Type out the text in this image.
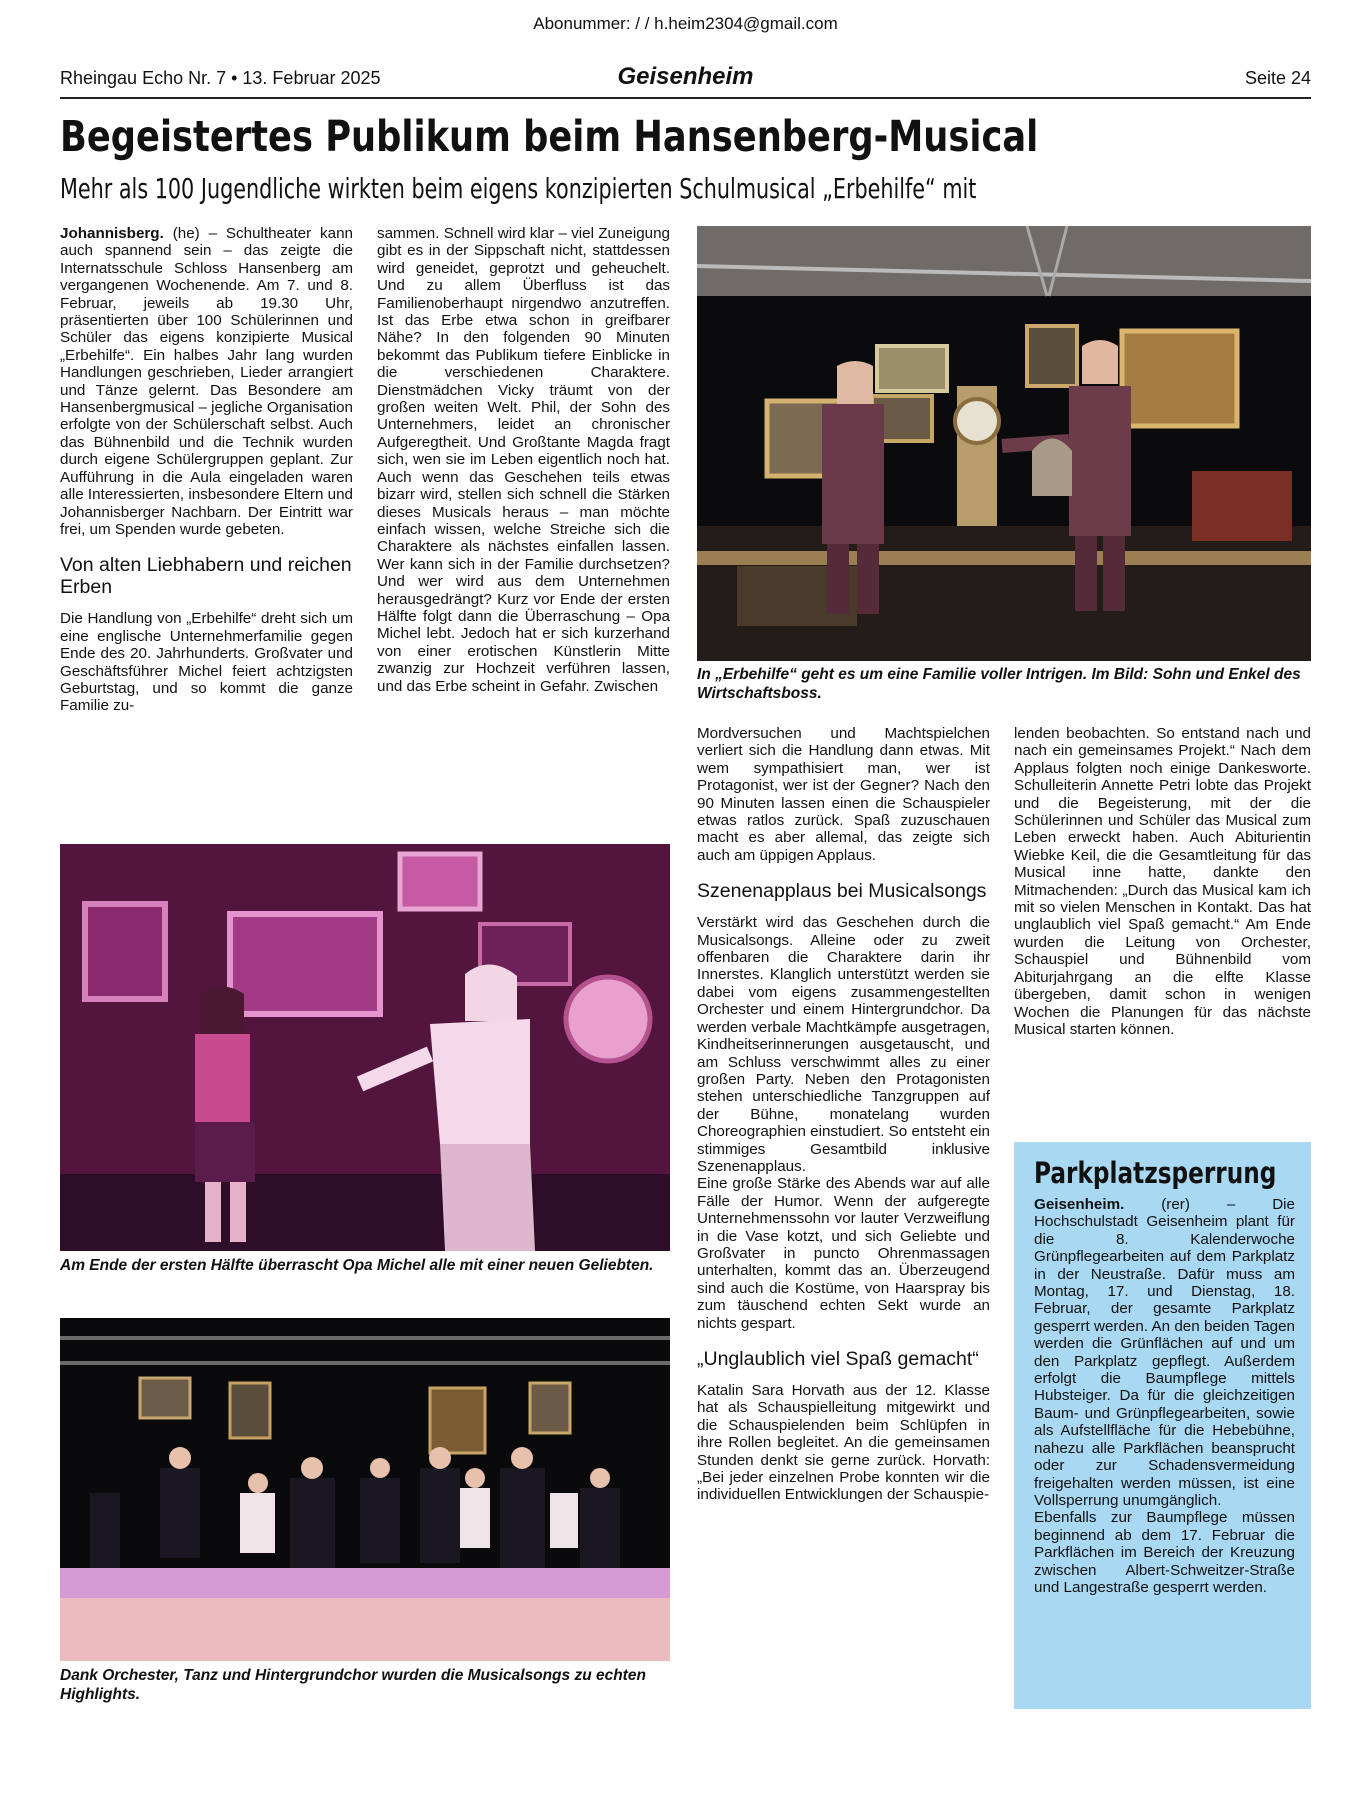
Abonummer: / / h.heim2304@gmail.com
Rheingau Echo Nr. 7 • 13. Februar 2025	Geisenheim	Seite 24
Begeistertes Publikum beim Hansenberg-Musical
Mehr als 100 Jugendliche wirkten beim eigens konzipierten Schulmusical „Erbehilfe“ mit

Johannisberg. (he) – Schultheater kann auch spannend sein – das zeigte die Internatsschule Schloss Hansenberg am vergangenen Wochenende. Am 7. und 8. Februar, jeweils ab 19.30 Uhr, präsentierten über 100 Schülerinnen und Schüler das eigens konzipierte Musical „Erbehilfe“. Ein halbes Jahr lang wurden Handlungen geschrieben, Lieder arrangiert und Tänze gelernt. Das Besondere am Hansenbergmusical – jegliche Organisation erfolgte von der Schülerschaft selbst. Auch das Bühnenbild und die Technik wurden durch eigene Schülergruppen geplant. Zur Aufführung in die Aula eingeladen waren alle Interessierten, insbesondere Eltern und Johannisberger Nachbarn. Der Eintritt war frei, um Spenden wurde gebeten.

Von alten Liebhabern und reichen Erben

Die Handlung von „Erbehilfe“ dreht sich um eine englische Unternehmerfamilie gegen Ende des 20. Jahrhunderts. Großvater und Geschäftsführer Michel feiert achtzigsten Geburtstag, und so kommt die ganze Familie zu-

sammen. Schnell wird klar – viel Zuneigung gibt es in der Sippschaft nicht, stattdessen wird geneidet, geprotzt und geheuchelt. Und zu allem Überfluss ist das Familienoberhaupt nirgendwo anzutreffen. Ist das Erbe etwa schon in greifbarer Nähe? In den folgenden 90 Minuten bekommt das Publikum tiefere Einblicke in die verschiedenen Charaktere. Dienstmädchen Vicky träumt von der großen weiten Welt. Phil, der Sohn des Unternehmers, leidet an chronischer Aufgeregtheit. Und Großtante Magda fragt sich, wen sie im Leben eigentlich noch hat. Auch wenn das Geschehen teils etwas bizarr wird, stellen sich schnell die Stärken dieses Musicals heraus – man möchte einfach wissen, welche Streiche sich die Charaktere als nächstes einfallen lassen. Wer kann sich in der Familie durchsetzen? Und wer wird aus dem Unternehmen herausgedrängt? Kurz vor Ende der ersten Hälfte folgt dann die Überraschung – Opa Michel lebt. Jedoch hat er sich kurzerhand von einer erotischen Künstlerin Mitte zwanzig zur Hochzeit verführen lassen, und das Erbe scheint in Gefahr. Zwischen

In „Erbehilfe“ geht es um eine Familie voller Intrigen. Im Bild: Sohn und Enkel des Wirtschaftsboss.

Mordversuchen und Machtspielchen verliert sich die Handlung dann etwas. Mit wem sympathisiert man, wer ist Protagonist, wer ist der Gegner? Nach den 90 Minuten lassen einen die Schauspieler etwas ratlos zurück. Spaß zuzuschauen macht es aber allemal, das zeigte sich auch am üppigen Applaus.

Szenenapplaus bei Musicalsongs

Verstärkt wird das Geschehen durch die Musicalsongs. Alleine oder zu zweit offenbaren die Charaktere darin ihr Innerstes. Klanglich unterstützt werden sie dabei vom eigens zusammengestellten Orchester und einem Hintergrundchor. Da werden verbale Machtkämpfe ausgetragen, Kindheitserinnerungen ausgetauscht, und am Schluss verschwimmt alles zu einer großen Party. Neben den Protagonisten stehen unterschiedliche Tanzgruppen auf der Bühne, monatelang wurden Choreographien einstudiert. So entsteht ein stimmiges Gesamtbild inklusive Szenenapplaus.

Eine große Stärke des Abends war auf alle Fälle der Humor. Wenn der aufgeregte Unternehmenssohn vor lauter Verzweiflung in die Vase kotzt, und sich Geliebte und Großvater in puncto Ohrenmassagen unterhalten, kommt das an. Überzeugend sind auch die Kostüme, von Haarspray bis zum täuschend echten Sekt wurde an nichts gespart.

„Unglaublich viel Spaß gemacht“

Katalin Sara Horvath aus der 12. Klasse hat als Schauspielleitung mitgewirkt und die Schauspielenden beim Schlüpfen in ihre Rollen begleitet. An die gemeinsamen Stunden denkt sie gerne zurück. Horvath: „Bei jeder einzelnen Probe konnten wir die individuellen Entwicklungen der Schauspie-

lenden beobachten. So entstand nach und nach ein gemeinsames Projekt.“ Nach dem Applaus folgten noch einige Dankesworte. Schulleiterin Annette Petri lobte das Projekt und die Begeisterung, mit der die Schülerinnen und Schüler das Musical zum Leben erweckt haben. Auch Abiturientin Wiebke Keil, die die Gesamtleitung für das Musical inne hatte, dankte den Mitmachenden: „Durch das Musical kam ich mit so vielen Menschen in Kontakt. Das hat unglaublich viel Spaß gemacht.“ Am Ende wurden die Leitung von Orchester, Schauspiel und Bühnenbild vom Abiturjahrgang an die elfte Klasse übergeben, damit schon in wenigen Wochen die Planungen für das nächste Musical starten können.

Am Ende der ersten Hälfte überrascht Opa Michel alle mit einer neuen Geliebten.
Dank Orchester, Tanz und Hintergrundchor wurden die Musicalsongs zu echten Highlights.
Parkplatzsperrung

Geisenheim. (rer) – Die Hochschulstadt Geisenheim plant für die 8. Kalenderwoche Grünpflegearbeiten auf dem Parkplatz in der Neustraße. Dafür muss am Montag, 17. und Dienstag, 18. Februar, der gesamte Parkplatz gesperrt werden. An den beiden Tagen werden die Grünflächen auf und um den Parkplatz gepflegt. Außerdem erfolgt die Baumpflege mittels Hubsteiger. Da für die gleichzeitigen Baum- und Grünpflegearbeiten, sowie als Aufstellfläche für die Hebebühne, nahezu alle Parkflächen beansprucht oder zur Schadensvermeidung freigehalten werden müssen, ist eine Vollsperrung unumgänglich.

Ebenfalls zur Baumpflege müssen beginnend ab dem 17. Februar die Parkflächen im Bereich der Kreuzung zwischen Albert-Schweitzer-Straße und Langestraße gesperrt werden.
